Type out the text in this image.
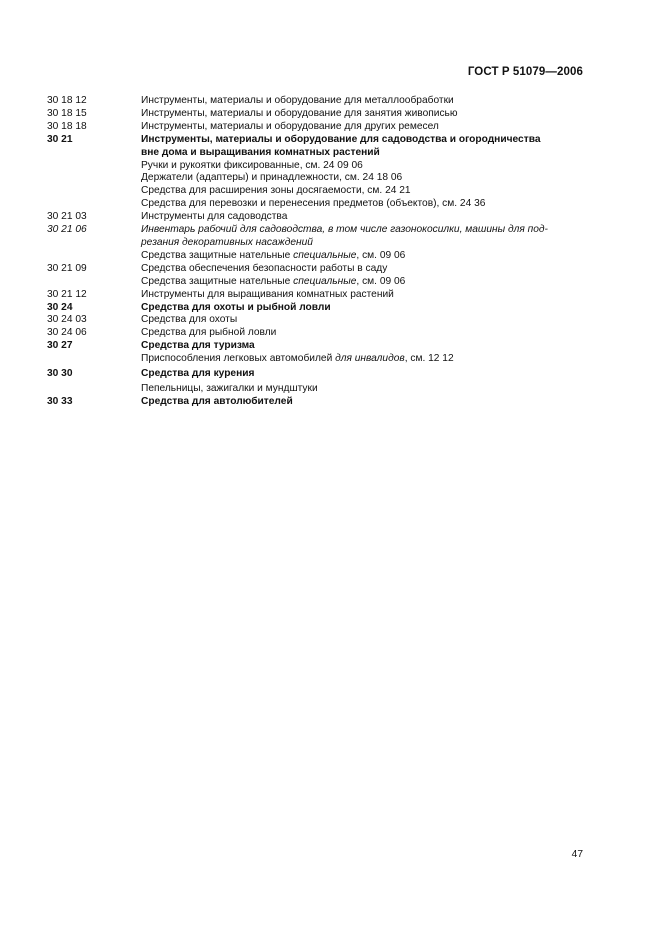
ГОСТ Р 51079—2006
30 18 12	Инструменты, материалы и оборудование для металлообработки
30 18 15	Инструменты, материалы и оборудование для занятия живописью
30 18 18	Инструменты, материалы и оборудование для других ремесел
30 21	Инструменты, материалы и оборудование для садоводства и огородничества
вне дома и выращивания комнатных растений
Ручки и рукоятки фиксированные, см. 24 09 06
Держатели (адаптеры) и принадлежности, см. 24 18 06
Средства для расширения зоны досягаемости, см. 24 21
Средства для перевозки и перенесения предметов (объектов), см. 24 36
30 21 03	Инструменты для садоводства
30 21 06	Инвентарь рабочий для садоводства, в том числе газонокосилки, машины для под-
резания декоративных насаждений
Средства защитные нательные специальные, см. 09 06
30 21 09	Средства обеспечения безопасности работы в саду
Средства защитные нательные специальные, см. 09 06
30 21 12	Инструменты для выращивания комнатных растений
30 24	Средства для охоты и рыбной ловли
30 24 03	Средства для охоты
30 24 06	Средства для рыбной ловли
30 27	Средства для туризма
Приспособления легковых автомобилей для инвалидов, см. 12 12
30 30	Средства для курения
Пепельницы, зажигалки и мундштуки
30 33	Средства для автолюбителей
47
